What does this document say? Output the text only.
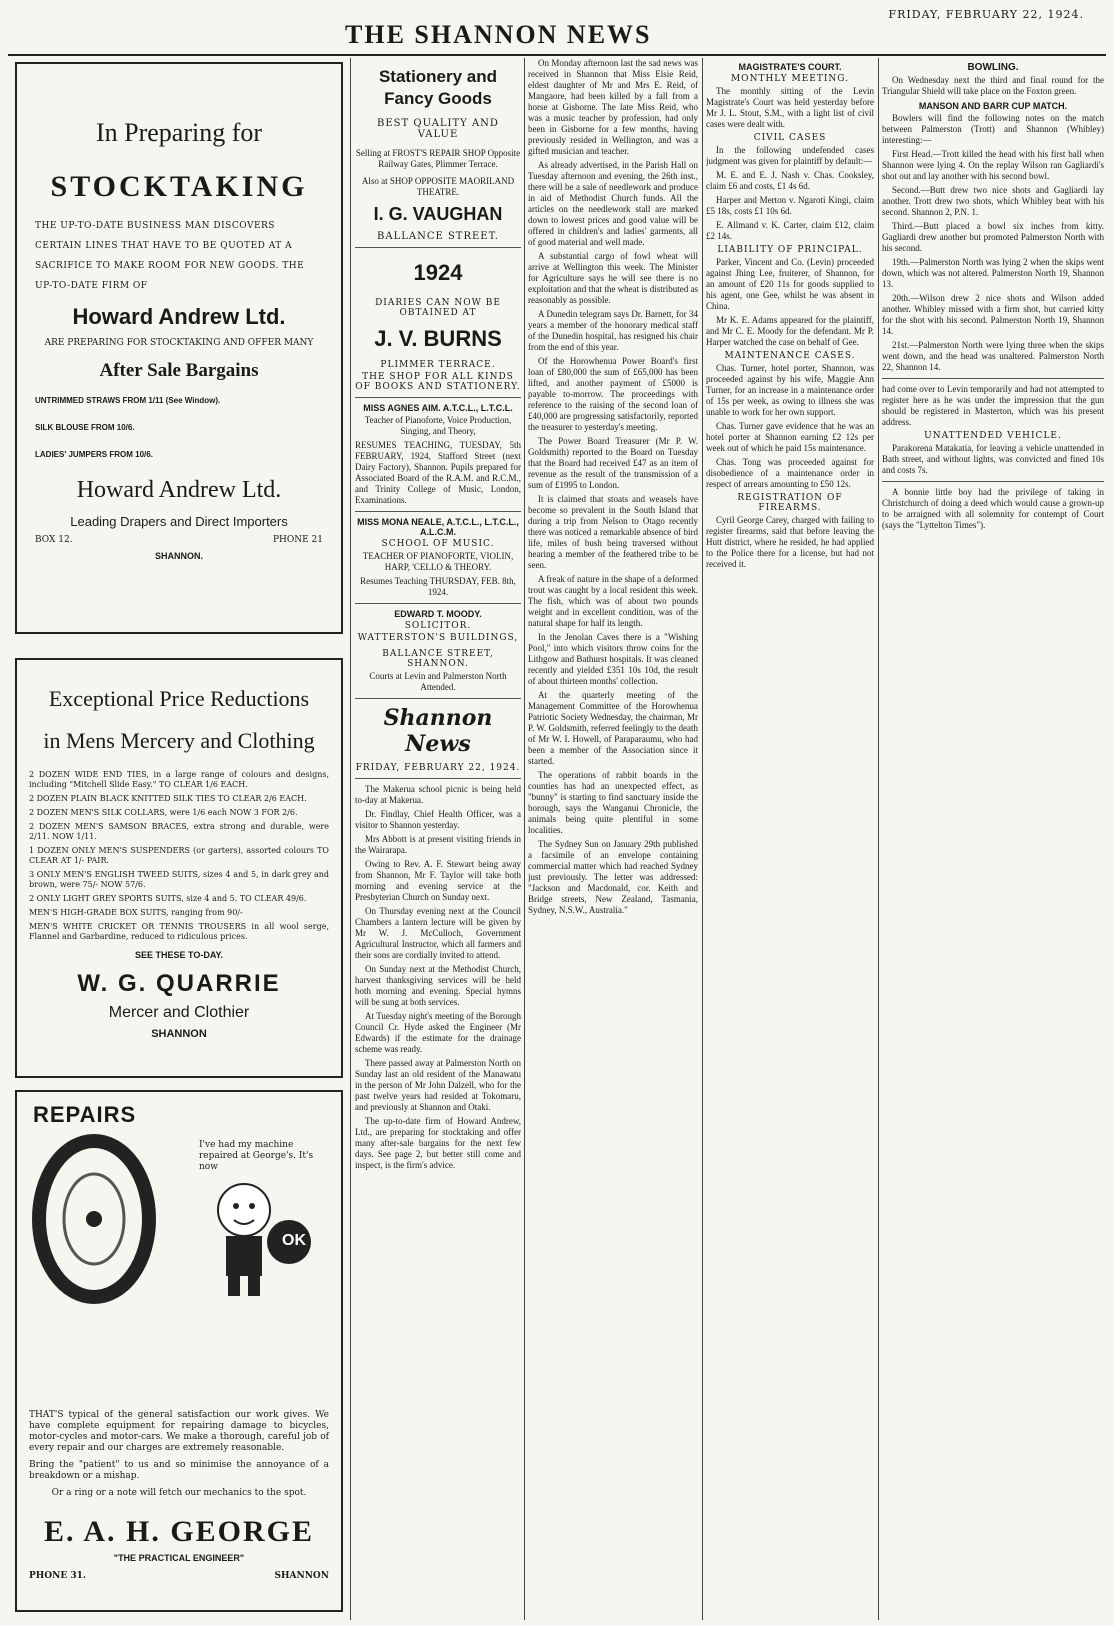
THE SHANNON NEWS
FRIDAY, FEBRUARY 22, 1924.
In Preparing for
STOCKTAKING
THE UP-TO-DATE BUSINESS MAN DISCOVERS CERTAIN LINES THAT HAVE TO BE QUOTED AT A SACRIFICE TO MAKE ROOM FOR NEW GOODS. THE UP-TO-DATE FIRM OF
Howard Andrew Ltd.
ARE PREPARING FOR STOCKTAKING AND OFFER MANY
After Sale Bargains
UNTRIMMED STRAWS FROM 1/11 (See Window).
SILK BLOUSE FROM 10/6.
LADIES' JUMPERS FROM 10/6.
Howard Andrew Ltd.
Leading Drapers and Direct Importers
BOX 12.	PHONE 21
SHANNON.
Exceptional Price Reductions
in Mens Mercery and Clothing
2 DOZEN WIDE END TIES, in a large range of colours and designs, including "Mitchell Slide Easy." TO CLEAR 1/6 EACH.
2 DOZEN PLAIN BLACK KNITTED SILK TIES TO CLEAR 2/6 EACH.
2 DOZEN MEN'S SILK COLLARS, were 1/6 each NOW 3 FOR 2/6.
2 DOZEN MEN'S SAMSON BRACES, extra strong and durable, were 2/11. NOW 1/11.
1 DOZEN ONLY MEN'S SUSPENDERS (or garters), assorted colours TO CLEAR AT 1/- PAIR.
3 ONLY MEN'S ENGLISH TWEED SUITS, sizes 4 and 5, in dark grey and brown, were 75/- NOW 57/6.
2 ONLY LIGHT GREY SPORTS SUITS, size 4 and 5. TO CLEAR 49/6.
MEN'S HIGH-GRADE BOX SUITS, ranging from 90/-
MEN'S WHITE CRICKET OR TENNIS TROUSERS in all wool serge, Flannel and Garbardine, reduced to ridiculous prices.
SEE THESE TO-DAY.
W. G. QUARRIE
Mercer and Clothier
SHANNON
REPAIRS
I've had my machine repaired at George's. It's now
OK
THAT'S typical of the general satisfaction our work gives. We have complete equipment for repairing damage to bicycles, motor-cycles and motor-cars. We make a thorough, careful job of every repair and our charges are extremely reasonable.
Bring the "patient" to us and so minimise the annoyance of a breakdown or a mishap.
Or a ring or a note will fetch our mechanics to the spot.
E. A. H. GEORGE
"THE PRACTICAL ENGINEER"
PHONE 31.	SHANNON
Stationery and Fancy Goods
BEST QUALITY AND VALUE

Selling at FROST'S REPAIR SHOP Opposite Railway Gates, Plimmer Terrace.

Also at SHOP OPPOSITE MAORILAND THEATRE.

I. G. VAUGHAN
BALLANCE STREET.
1924
DIARIES CAN NOW BE OBTAINED AT
J. V. BURNS
PLIMMER TERRACE.
THE SHOP FOR ALL KINDS OF BOOKS AND STATIONERY.
MISS AGNES AIM. A.T.C.L., L.T.C.L.

Teacher of Pianoforte, Voice Production, Singing, and Theory,

RESUMES TEACHING, TUESDAY, 5th FEBRUARY, 1924, Stafford Street (next Dairy Factory), Shannon. Pupils prepared for Associated Board of the R.A.M. and R.C.M., and Trinity College of Music, London, Examinations.

MISS MONA NEALE, A.T.C.L., L.T.C.L., A.L.C.M.
SCHOOL OF MUSIC.

TEACHER OF PIANOFORTE, VIOLIN, HARP, 'CELLO & THEORY.

Resumes Teaching THURSDAY, FEB. 8th, 1924.

EDWARD T. MOODY.
SOLICITOR.
WATTERSTON'S BUILDINGS,
BALLANCE STREET, SHANNON.

Courts at Levin and Palmerston North Attended.

Shannon News
FRIDAY, FEBRUARY 22, 1924.

The Makerua school picnic is being held to-day at Makerua.

Dr. Findlay, Chief Health Officer, was a visitor to Shannon yesterday.

Mrs Abbott is at present visiting friends in the Wairarapa.

Owing to Rev. A. F. Stewart being away from Shannon, Mr F. Taylor will take both morning and evening service at the Presbyterian Church on Sunday next.

On Thursday evening next at the Council Chambers a lantern lecture will be given by Mr W. J. McCulloch, Government Agricultural Instructor, which all farmers and their sons are cordially invited to attend.

On Sunday next at the Methodist Church, harvest thanksgiving services will be held both morning and evening. Special hymns will be sung at both services.

At Tuesday night's meeting of the Borough Council Cr. Hyde asked the Engineer (Mr Edwards) if the estimate for the drainage scheme was ready.

There passed away at Palmerston North on Sunday last an old resident of the Manawatu in the person of Mr John Dalzell, who for the past twelve years had resided at Tokomaru, and previously at Shannon and Otaki.

The up-to-date firm of Howard Andrew, Ltd., are preparing for stocktaking and offer many after-sale bargains for the next few days. See page 2, but better still come and inspect, is the firm's advice.

On Monday afternoon last the sad news was received in Shannon that Miss Elsie Reid, eldest daughter of Mr and Mrs E. Reid, of Mangaore, had been killed by a fall from a horse at Gisborne. The late Miss Reid, who was a music teacher by profession, had only been in Gisborne for a few months, having previously resided in Wellington, and was a gifted musician and teacher.

As already advertised, in the Parish Hall on Tuesday afternoon and evening, the 26th inst., there will be a sale of needlework and produce in aid of Methodist Church funds. All the articles on the needlework stall are marked down to lowest prices and good value will be offered in children's and ladies' garments, all of good material and well made.

A substantial cargo of fowl wheat will arrive at Wellington this week. The Minister for Agriculture says he will see there is no exploitation and that the wheat is distributed as reasonably as possible.

A Dunedin telegram says Dr. Barnett, for 34 years a member of the honorary medical staff of the Dunedin hospital, has resigned his chair from the end of this year.

Of the Horowhenua Power Board's first loan of £80,000 the sum of £65,000 has been lifted, and another payment of £5000 is payable to-morrow. The proceedings with reference to the raising of the second loan of £40,000 are progressing satisfactorily, reported the treasurer to yesterday's meeting.

The Power Board Treasurer (Mr P. W. Goldsmith) reported to the Board on Tuesday that the Board had received £47 as an item of revenue as the result of the transmission of a sum of £1995 to London.

It is claimed that stoats and weasels have become so prevalent in the South Island that during a trip from Nelson to Otago recently there was noticed a remarkable absence of bird life, miles of bush being traversed without hearing a member of the feathered tribe to be seen.

A freak of nature in the shape of a deformed trout was caught by a local resident this week. The fish, which was of about two pounds weight and in excellent condition, was of the natural shape for half its length.

In the Jenolan Caves there is a "Wishing Pool," into which visitors throw coins for the Lithgow and Bathurst hospitals. It was cleaned recently and yielded £351 10s 10d, the result of about thirteen months' collection.

At the quarterly meeting of the Management Committee of the Horowhenua Patriotic Society Wednesday, the chairman, Mr P. W. Goldsmith, referred feelingly to the death of Mr W. I. Howell, of Paraparaumu, who had been a member of the Association since it started.

The operations of rabbit boards in the counties has had an unexpected effect, as "bunny" is starting to find sanctuary inside the borough, says the Wanganui Chronicle, the animals being quite plentiful in some localities.

The Sydney Sun on January 29th published a facsimile of an envelope containing commercial matter which had reached Sydney just previously. The letter was addressed: "Jackson and Macdonald, cor. Keith and Bridge streets, New Zealand, Tasmania, Sydney, N.S.W., Australia."

MAGISTRATE'S COURT.
MONTHLY MEETING.

The monthly sitting of the Levin Magistrate's Court was held yesterday before Mr J. L. Stout, S.M., with a light list of civil cases were dealt with.

CIVIL CASES

In the following undefended cases judgment was given for plaintiff by default:—

M. E. and E. J. Nash v. Chas. Cooksley, claim £6 and costs, £1 4s 6d.

Harper and Merton v. Ngaroti Kingi, claim £5 18s, costs £1 10s 6d.

E. Allmand v. K. Carter, claim £12, claim £2 14s.

LIABILITY OF PRINCIPAL.

Parker, Vincent and Co. (Levin) proceeded against Jhing Lee, fruiterer, of Shannon, for an amount of £20 11s for goods supplied to his agent, one Gee, whilst he was absent in China.

Mr K. E. Adams appeared for the plaintiff, and Mr C. E. Moody for the defendant. Mr P. Harper watched the case on behalf of Gee.

MAINTENANCE CASES.

Chas. Turner, hotel porter, Shannon, was proceeded against by his wife, Maggie Ann Turner, for an increase in a maintenance order of 15s per week, as owing to illness she was unable to work for her own support.

Chas. Turner gave evidence that he was an hotel porter at Shannon earning £2 12s per week out of which he paid 15s maintenance.

Chas. Tong was proceeded against for disobedience of a maintenance order in respect of arrears amounting to £50 12s.

REGISTRATION OF FIREARMS.

Cyril George Carey, charged with failing to register firearms, said that before leaving the Hutt district, where he resided, he had applied to the Police there for a license, but had not received it.

BOWLING.

On Wednesday next the third and final round for the Triangular Shield will take place on the Foxton green.

MANSON AND BARR CUP MATCH.

Bowlers will find the following notes on the match between Palmerston (Trott) and Shannon (Whibley) interesting:—

First Head.—Trott killed the head with his first ball when Shannon were lying 4. On the replay Wilson ran Gagliardi's shot out and lay another with his second bowl.

Second.—Butt drew two nice shots and Gagliardi lay another. Trott drew two shots, which Whibley beat with his second. Shannon 2, P.N. 1.

Third.—Butt placed a bowl six inches from kitty. Gagliardi drew another but promoted Palmerston North with his second.

19th.—Palmerston North was lying 2 when the skips went down, which was not altered. Palmerston North 19, Shannon 13.

20th.—Wilson drew 2 nice shots and Wilson added another. Whibley missed with a firm shot, but carried kitty for the shot with his second. Palmerston North 19, Shannon 14.

21st.—Palmerston North were lying three when the skips went down, and the head was unaltered. Palmerston North 22, Shannon 14.

had come over to Levin temporarily and had not attempted to register here as he was under the impression that the gun should be registered in Masterton, which was his present address.

UNATTENDED VEHICLE.

Parakorena Matakatia, for leaving a vehicle unattended in Bath street, and without lights, was convicted and fined 10s and costs 7s.

A bonnie little boy had the privilege of taking in Christchurch of doing a deed which would cause a grown-up to be arraigned with all solemnity for contempt of Court (says the "Lyttelton Times").
